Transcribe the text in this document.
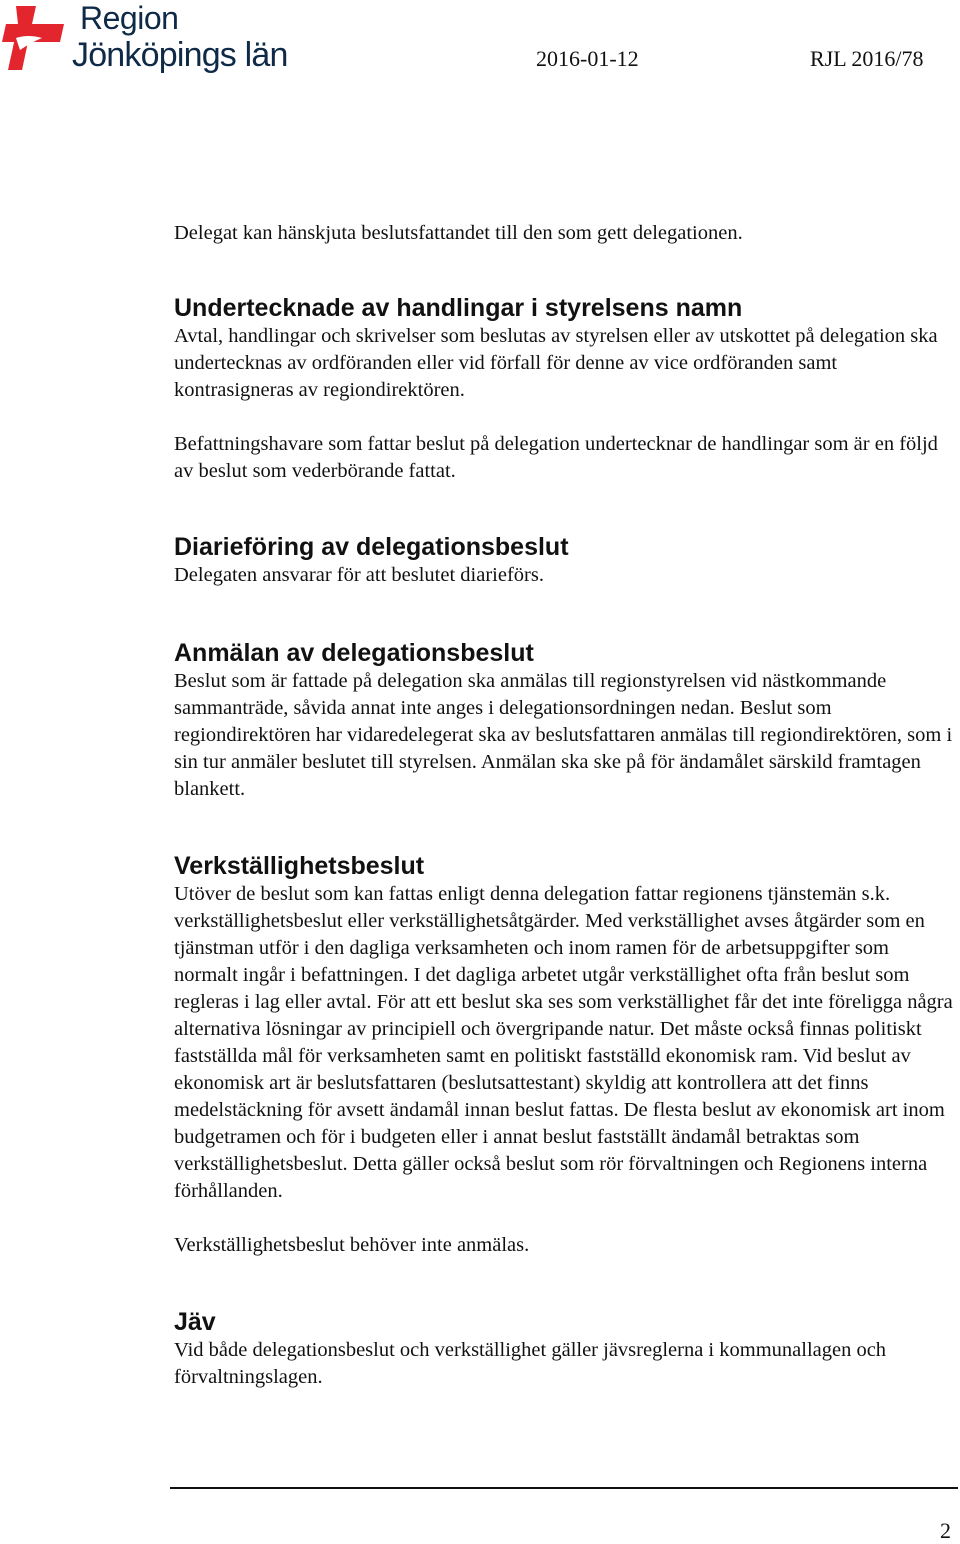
Region
Jönköpings län	2016-01-12	RJL 2016/78

Delegat kan hänskjuta beslutsfattandet till den som gett delegationen.

Undertecknade av handlingar i styrelsens namn

Avtal, handlingar och skrivelser som beslutas av styrelsen eller av utskottet på delegation ska undertecknas av ordföranden eller vid förfall för denne av vice ordföranden samt kontrasigneras av regiondirektören.

Befattningshavare som fattar beslut på delegation undertecknar de handlingar som är en följd av beslut som vederbörande fattat.

Diarieföring av delegationsbeslut

Delegaten ansvarar för att beslutet diarieförs.

Anmälan av delegationsbeslut

Beslut som är fattade på delegation ska anmälas till regionstyrelsen vid nästkommande sammanträde, såvida annat inte anges i delegationsordningen nedan. Beslut som regiondirektören har vidaredelegerat ska av beslutsfattaren anmälas till regiondirektören, som i sin tur anmäler beslutet till styrelsen. Anmälan ska ske på för ändamålet särskild framtagen blankett.

Verkställighetsbeslut

Utöver de beslut som kan fattas enligt denna delegation fattar regionens tjänstemän s.k. verkställighetsbeslut eller verkställighetsåtgärder. Med verkställighet avses åtgärder som en tjänstman utför i den dagliga verksamheten och inom ramen för de arbetsuppgifter som normalt ingår i befattningen. I det dagliga arbetet utgår verkställighet ofta från beslut som regleras i lag eller avtal. För att ett beslut ska ses som verkställighet får det inte föreligga några alternativa lösningar av principiell och övergripande natur. Det måste också finnas politiskt fastställda mål för verksamheten samt en politiskt fastställd ekonomisk ram. Vid beslut av ekonomisk art är beslutsfattaren (beslutsattestant) skyldig att kontrollera att det finns medelstäckning för avsett ändamål innan beslut fattas. De flesta beslut av ekonomisk art inom budgetramen och för i budgeten eller i annat beslut fastställt ändamål betraktas som verkställighetsbeslut. Detta gäller också beslut som rör förvaltningen och Regionens interna förhållanden.

Verkställighetsbeslut behöver inte anmälas.

Jäv

Vid både delegationsbeslut och verkställighet gäller jävsreglerna i kommunallagen och förvaltningslagen.

2
